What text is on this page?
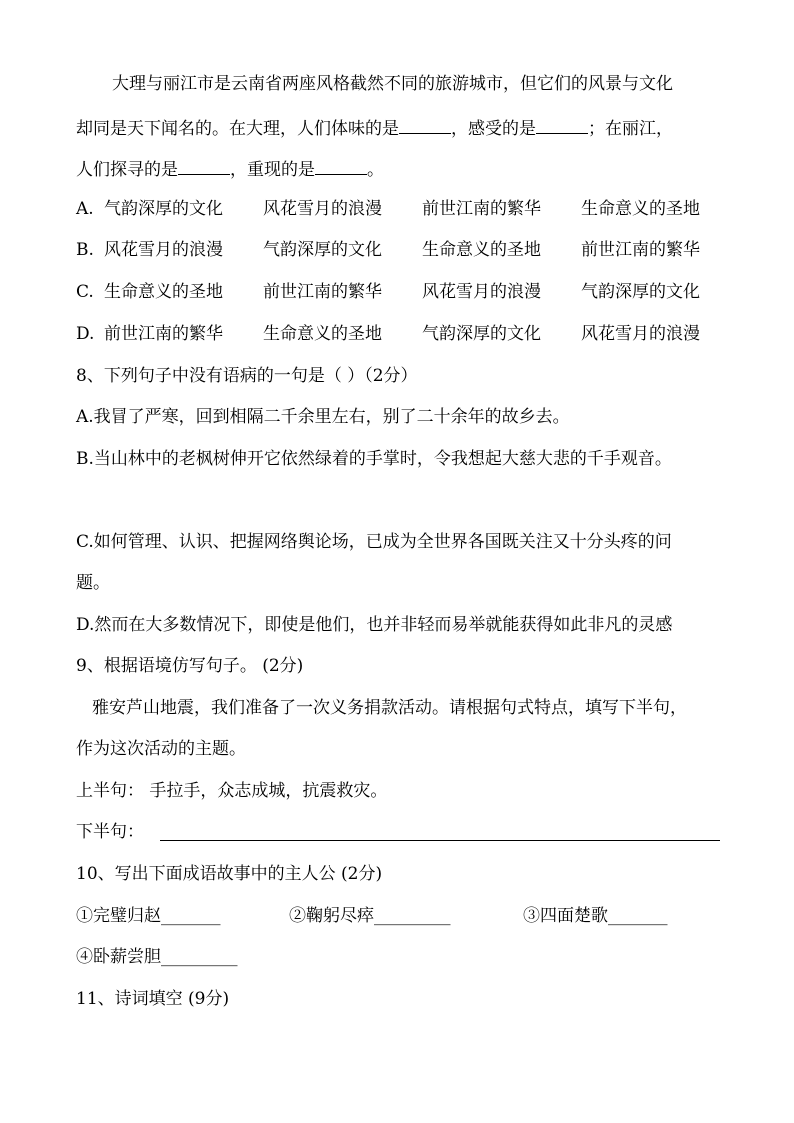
大理与丽江市是云南省两座风格截然不同的旅游城市，但它们的风景与文化
却同是天下闻名的。在大理，人们体味的是	，感受的是	；在丽江，
人们探寻的是	，重现的是	。
A. 气韵深厚的文化 风花雪月的浪漫 前世江南的繁华 生命意义的圣地
B. 风花雪月的浪漫 气韵深厚的文化 生命意义的圣地 前世江南的繁华
C. 生命意义的圣地 前世江南的繁华 风花雪月的浪漫 气韵深厚的文化
D. 前世江南的繁华 生命意义的圣地 气韵深厚的文化 风花雪月的浪漫
8、下列句子中没有语病的一句是（ ）（2分）
A.我冒了严寒，回到相隔二千余里左右，别了二十余年的故乡去。
B.当山林中的老枫树伸开它依然绿着的手掌时，令我想起大慈大悲的千手观音。
C.如何管理、认识、把握网络舆论场，已成为全世界各国既关注又十分头疼的问
题。
D.然而在大多数情况下，即使是他们，也并非轻而易举就能获得如此非凡的灵感
9、根据语境仿写句子。 (2分)
雅安芦山地震，我们准备了一次义务捐款活动。请根据句式特点，填写下半句，
作为这次活动的主题。
上半句： 手拉手，众志成城，抗震救灾。
下半句：
10、写出下面成语故事中的主人公 (2分)
①完璧归赵_______	②鞠躬尽瘁_________	③四面楚歌_______
④卧薪尝胆_________
11、诗词填空 (9分)
